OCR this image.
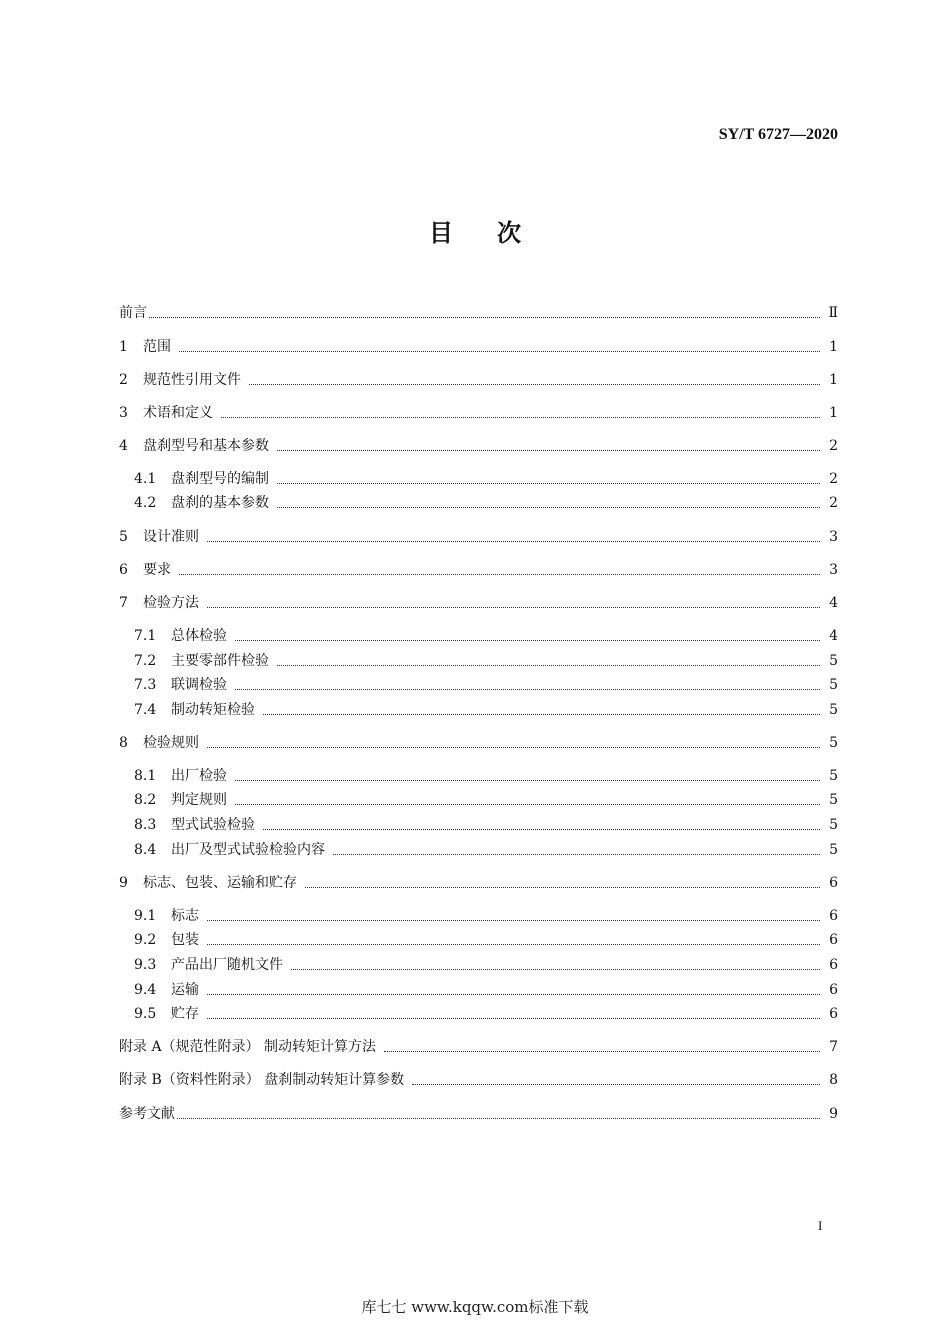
SY/T 6727—2020
目次
前言	Ⅱ
1	范围	1
2	规范性引用文件	1
3	术语和定义	1
4	盘刹型号和基本参数	2
4.1	盘刹型号的编制	2
4.2	盘刹的基本参数	2
5	设计准则	3
6	要求	3
7	检验方法	4
7.1	总体检验	4
7.2	主要零部件检验	5
7.3	联调检验	5
7.4	制动转矩检验	5
8	检验规则	5
8.1	出厂检验	5
8.2	判定规则	5
8.3	型式试验检验	5
8.4	出厂及型式试验检验内容	5
9	标志、包装、运输和贮存	6
9.1	标志	6
9.2	包装	6
9.3	产品出厂随机文件	6
9.4	运输	6
9.5	贮存	6
附录 A（规范性附录） 制动转矩计算方法	7
附录 B（资料性附录） 盘刹制动转矩计算参数	8
参考文献	9
I
库七七 www.kqqw.com标准下载
